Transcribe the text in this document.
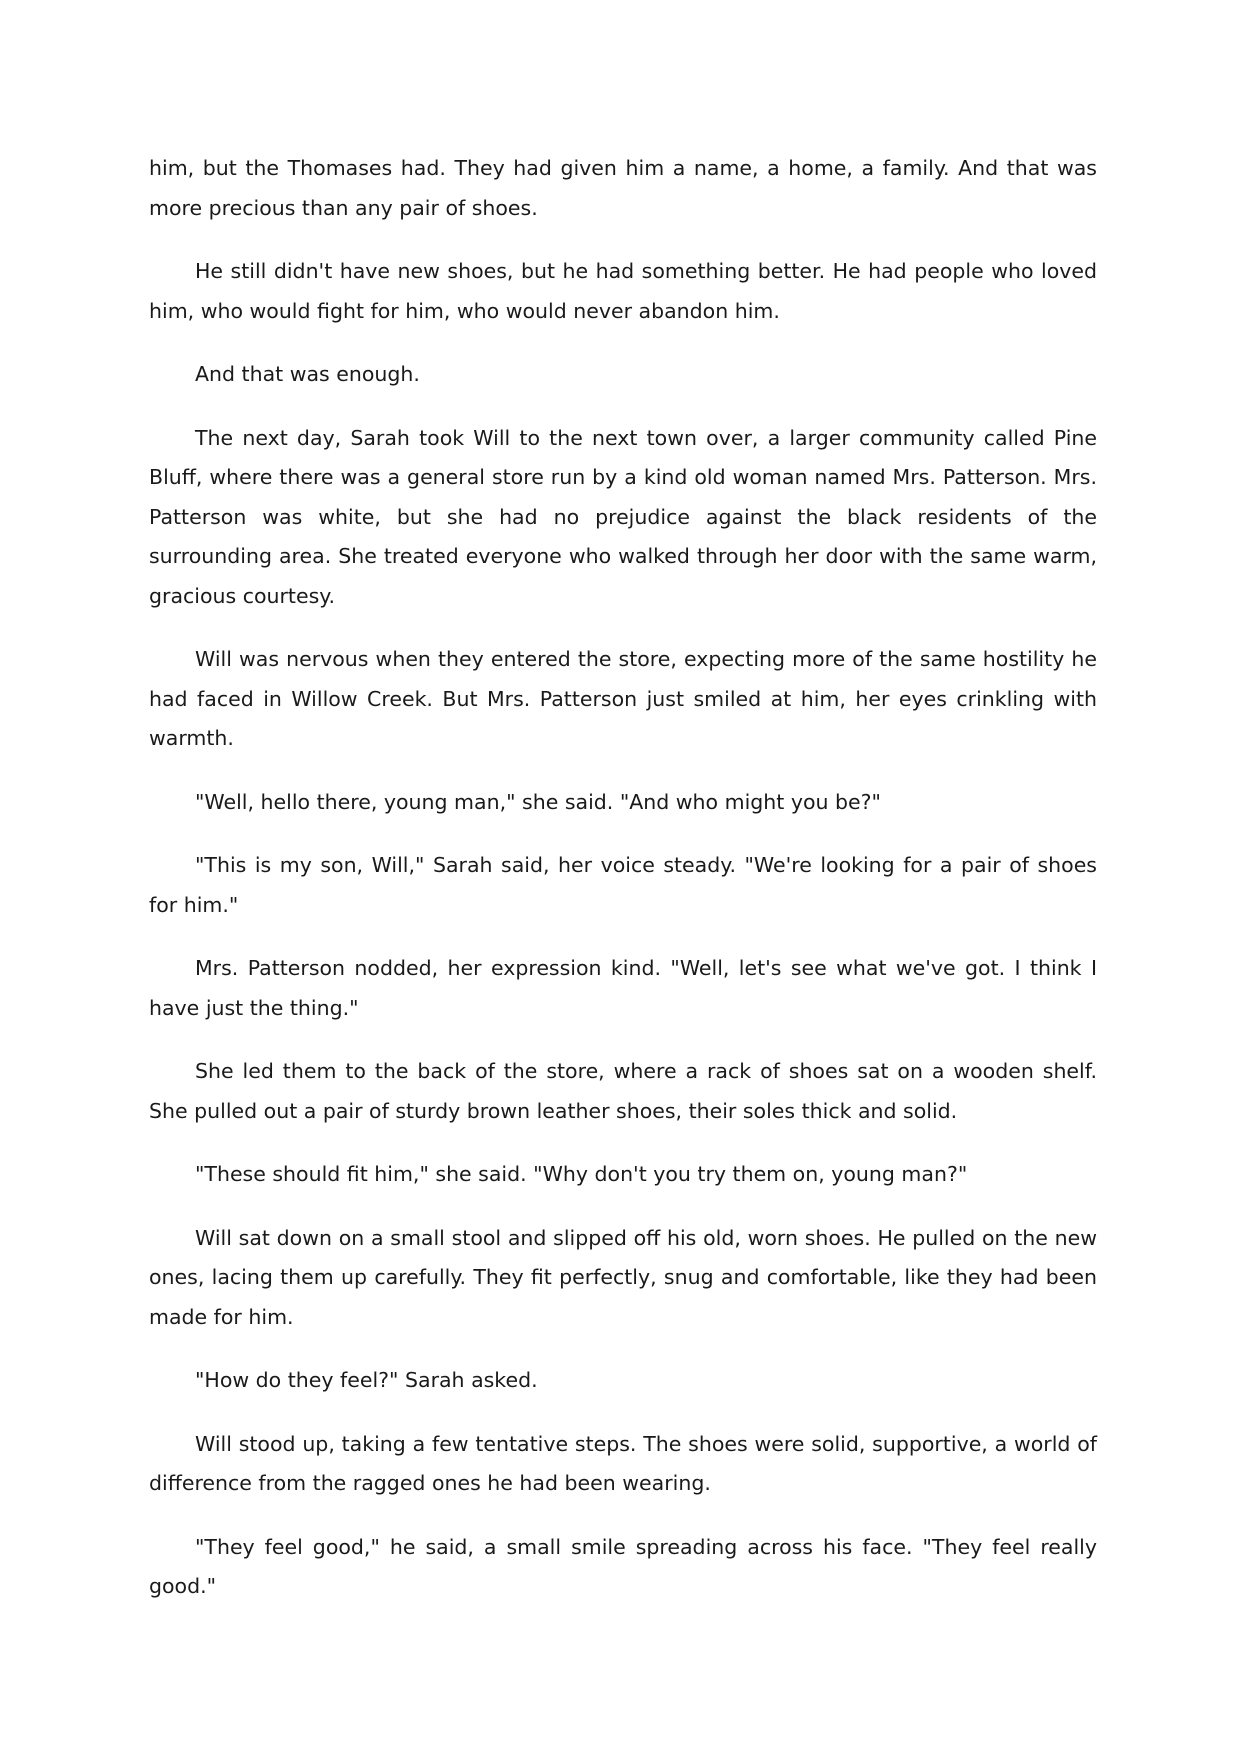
him, but the Thomases had. They had given him a name, a home, a family. And that was more precious than any pair of shoes.

He still didn't have new shoes, but he had something better. He had people who loved him, who would fight for him, who would never abandon him.

And that was enough.

The next day, Sarah took Will to the next town over, a larger community called Pine Bluff, where there was a general store run by a kind old woman named Mrs. Patterson. Mrs. Patterson was white, but she had no prejudice against the black residents of the surrounding area. She treated everyone who walked through her door with the same warm, gracious courtesy.

Will was nervous when they entered the store, expecting more of the same hostility he had faced in Willow Creek. But Mrs. Patterson just smiled at him, her eyes crinkling with warmth.

"Well, hello there, young man," she said. "And who might you be?"

"This is my son, Will," Sarah said, her voice steady. "We're looking for a pair of shoes for him."

Mrs. Patterson nodded, her expression kind. "Well, let's see what we've got. I think I have just the thing."

She led them to the back of the store, where a rack of shoes sat on a wooden shelf. She pulled out a pair of sturdy brown leather shoes, their soles thick and solid.

"These should fit him," she said. "Why don't you try them on, young man?"

Will sat down on a small stool and slipped off his old, worn shoes. He pulled on the new ones, lacing them up carefully. They fit perfectly, snug and comfortable, like they had been made for him.

"How do they feel?" Sarah asked.

Will stood up, taking a few tentative steps. The shoes were solid, supportive, a world of difference from the ragged ones he had been wearing.

"They feel good," he said, a small smile spreading across his face. "They feel really good."
